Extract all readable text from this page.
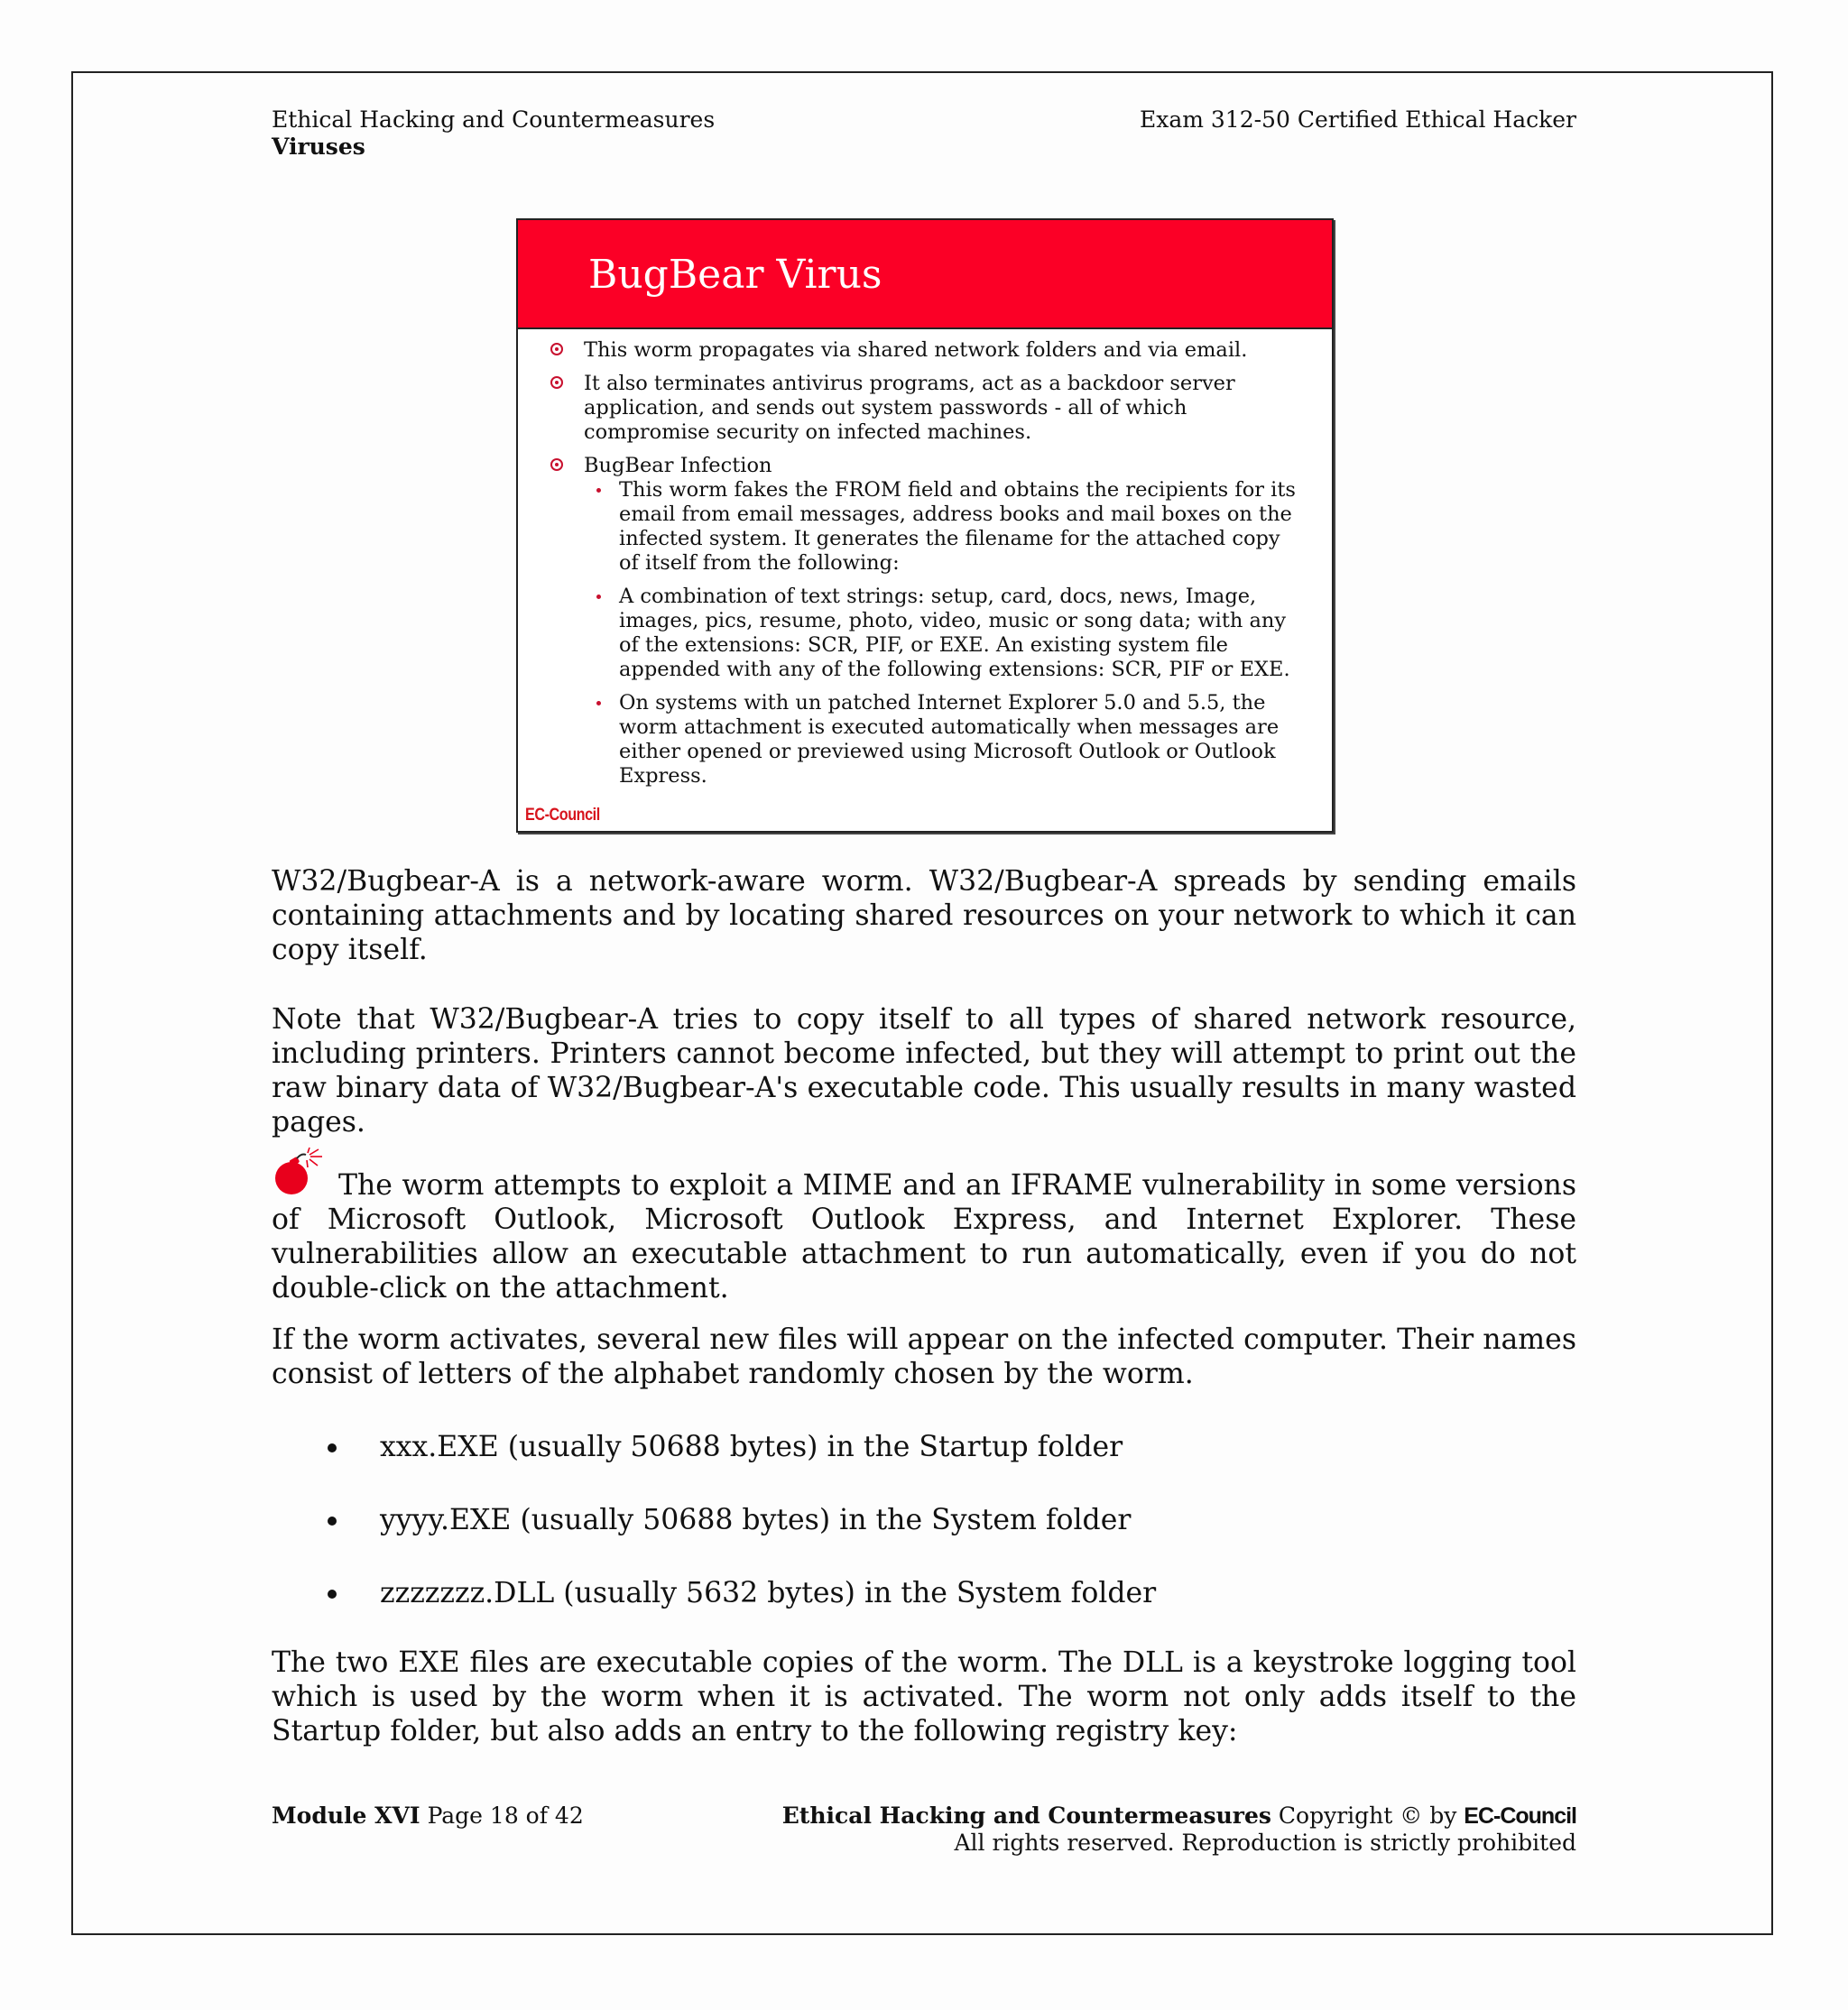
Ethical Hacking and Countermeasures	Exam 312-50 Certified Ethical Hacker
Viruses
BugBear Virus
This worm propagates via shared network folders and via email.
It also terminates antivirus programs, act as a backdoor server application, and sends out system passwords - all of which compromise security on infected machines.
BugBear Infection
This worm fakes the FROM field and obtains the recipients for its email from email messages, address books and mail boxes on the infected system. It generates the filename for the attached copy of itself from the following:
A combination of text strings: setup, card, docs, news, Image, images, pics, resume, photo, video, music or song data; with any of the extensions: SCR, PIF, or EXE. An existing system file appended with any of the following extensions: SCR, PIF or EXE.
On systems with un patched Internet Explorer 5.0 and 5.5, the worm attachment is executed automatically when messages are either opened or previewed using Microsoft Outlook or Outlook Express.
EC-Council
W32/Bugbear-A is a network-aware worm. W32/Bugbear-A spreads by sending emails containing attachments and by locating shared resources on your network to which it can copy itself.
Note that W32/Bugbear-A tries to copy itself to all types of shared network resource, including printers. Printers cannot become infected, but they will attempt to print out the raw binary data of W32/Bugbear-A's executable code. This usually results in many wasted pages.
The worm attempts to exploit a MIME and an IFRAME vulnerability in some versions of Microsoft Outlook, Microsoft Outlook Express, and Internet Explorer. These vulnerabilities allow an executable attachment to run automatically, even if you do not double-click on the attachment.
If the worm activates, several new files will appear on the infected computer. Their names consist of letters of the alphabet randomly chosen by the worm.
xxx.EXE (usually 50688 bytes) in the Startup folder
yyyy.EXE (usually 50688 bytes) in the System folder
zzzzzzz.DLL (usually 5632 bytes) in the System folder
The two EXE files are executable copies of the worm. The DLL is a keystroke logging tool which is used by the worm when it is activated. The worm not only adds itself to the Startup folder, but also adds an entry to the following registry key:
Module XVI Page 18 of 42	Ethical Hacking and Countermeasures Copyright © by EC-Council
All rights reserved. Reproduction is strictly prohibited
